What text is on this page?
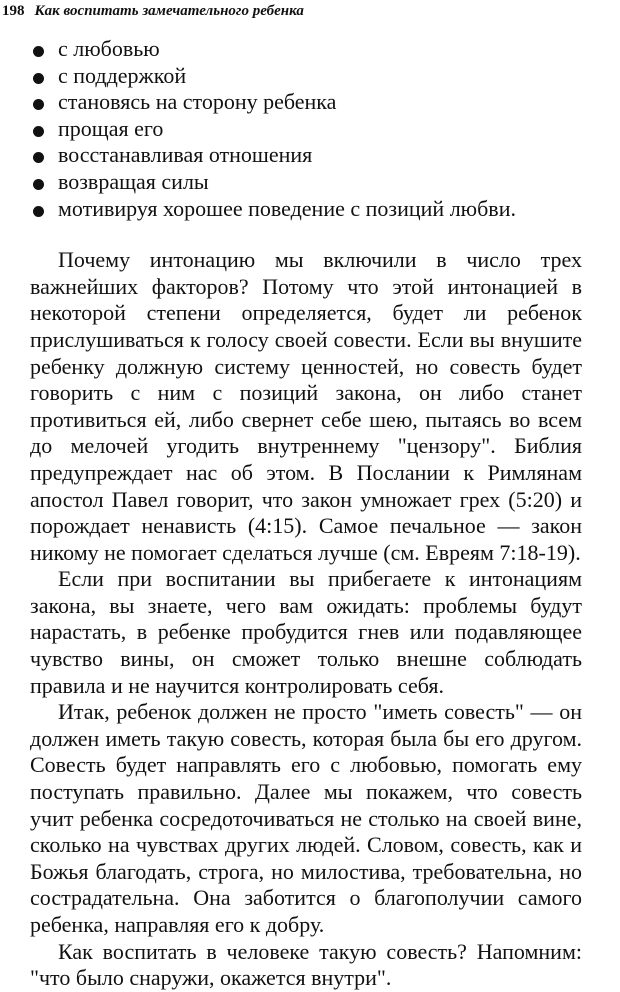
198 Как воспитать замечательного ребенка
с любовью
с поддержкой
становясь на сторону ребенка
прощая его
восстанавливая отношения
возвращая силы
мотивируя хорошее поведение с позиций любви.

Почему интонацию мы включили в число трех важнейших факторов? Потому что этой интонацией в некоторой степени определяется, будет ли ребенок прислушиваться к голосу своей совести. Если вы внушите ребенку должную систему ценностей, но совесть будет говорить с ним с позиций закона, он либо станет противиться ей, либо свернет себе шею, пытаясь во всем до мелочей угодить внутреннему "цензору". Библия предупреждает нас об этом. В Послании к Римлянам апостол Павел говорит, что закон умножает грех (5:20) и порождает ненависть (4:15). Самое печальное — закон никому не помогает сделаться лучше (см. Евреям 7:18-19).

Если при воспитании вы прибегаете к интонациям закона, вы знаете, чего вам ожидать: проблемы будут нарастать, в ребенке пробудится гнев или подавляющее чувство вины, он сможет только внешне соблюдать правила и не научится контролировать себя.

Итак, ребенок должен не просто "иметь совесть" — он должен иметь такую совесть, которая была бы его другом. Совесть будет направлять его с любовью, помогать ему поступать правильно. Далее мы покажем, что совесть учит ребенка сосредоточиваться не столько на своей вине, сколько на чувствах других людей. Словом, совесть, как и Божья благодать, строга, но милостива, требовательна, но сострадательна. Она заботится о благополучии самого ребенка, направляя его к добру.

Как воспитать в человеке такую совесть? Напомним: "что было снаружи, окажется внутри".
